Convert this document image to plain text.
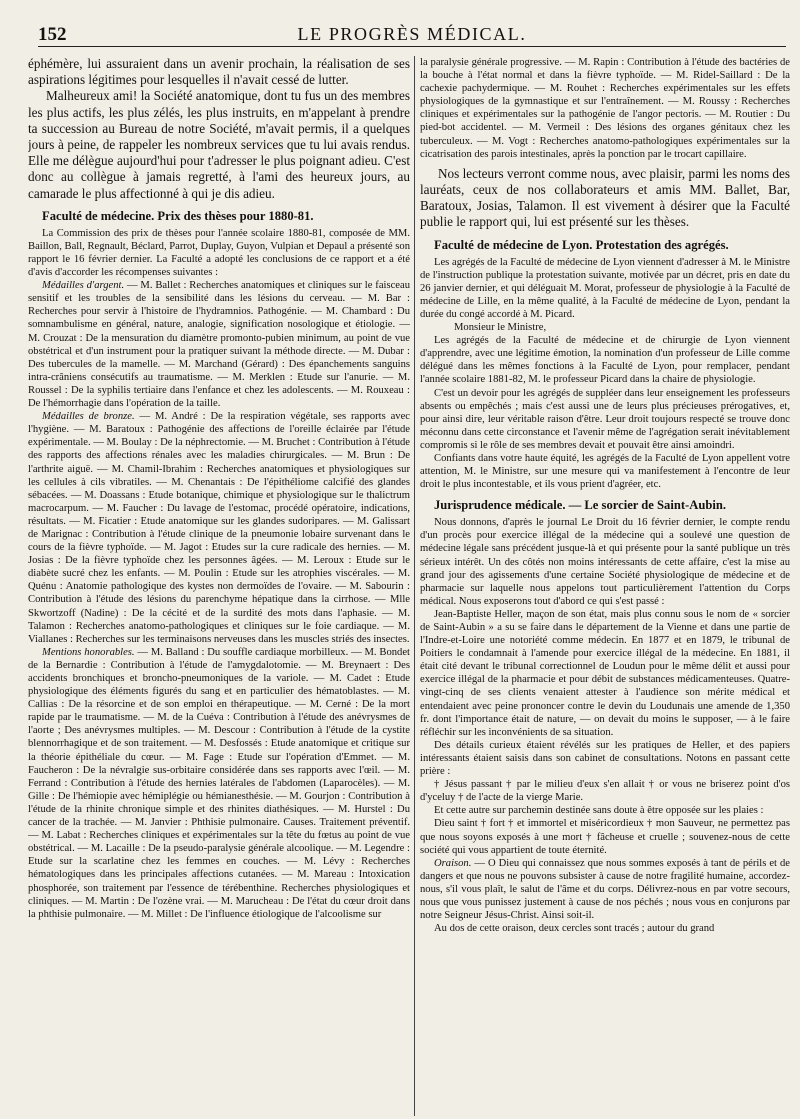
152	LE PROGRÈS MÉDICAL.

éphémère, lui assuraient dans un avenir prochain, la réalisation de ses aspirations légitimes pour lesquelles il n'avait cessé de lutter.

Malheureux ami! la Société anatomique, dont tu fus un des membres les plus actifs, les plus zélés, les plus instruits, en m'appelant à prendre ta succession au Bureau de notre Société, m'avait permis, il a quelques jours à peine, de rappeler les nombreux services que tu lui avais rendus. Elle me délègue aujourd'hui pour t'adresser le plus poignant adieu. C'est donc au collègue à jamais regretté, à l'ami des heureux jours, au camarade le plus affectionné à qui je dis adieu.

Faculté de médecine. Prix des thèses pour 1880-81.

La Commission des prix de thèses pour l'année scolaire 1880-81, composée de MM. Baillon, Ball, Regnault, Béclard, Parrot, Duplay, Guyon, Vulpian et Depaul a présenté son rapport le 16 février dernier. La Faculté a adopté les conclusions de ce rapport et a été d'avis d'accorder les récompenses suivantes :

Médailles d'argent. — M. Ballet : Recherches anatomiques et cliniques sur le faisceau sensitif et les troubles de la sensibilité dans les lésions du cerveau. — M. Bar : Recherches pour servir à l'histoire de l'hydramnios. Pathogénie. — M. Chambard : Du somnambulisme en général, nature, analogie, signification nosologique et étiologie. — M. Crouzat : De la mensuration du diamètre promonto-pubien minimum, au point de vue obstétrical et d'un instrument pour la pratiquer suivant la méthode directe. — M. Dubar : Des tubercules de la mamelle. — M. Marchand (Gérard) : Des épanchements sanguins intra-crâniens consécutifs au traumatisme. — M. Merklen : Etude sur l'anurie. — M. Roussel : De la syphilis tertiaire dans l'enfance et chez les adolescents. — M. Rouxeau : De l'hémorrhagie dans l'opération de la taille.

Médailles de bronze. — M. André : De la respiration végétale, ses rapports avec l'hygiène. — M. Baratoux : Pathogénie des affections de l'oreille éclairée par l'étude expérimentale. — M. Boulay : De la néphrectomie. — M. Bruchet : Contribution à l'étude des rapports des affections rénales avec les maladies chirurgicales. — M. Brun : De l'arthrite aiguë. — M. Chamil-Ibrahim : Recherches anatomiques et physiologiques sur les cellules à cils vibratiles. — M. Chenantais : De l'épithéliome calcifié des glandes sébacées. — M. Doassans : Etude botanique, chimique et physiologique sur le thalictrum macrocarpum. — M. Faucher : Du lavage de l'estomac, procédé opératoire, indications, résultats. — M. Ficatier : Etude anatomique sur les glandes sudoripares. — M. Galissart de Marignac : Contribution à l'étude clinique de la pneumonie lobaire survenant dans le cours de la fièvre typhoïde. — M. Jagot : Etudes sur la cure radicale des hernies. — M. Josias : De la fièvre typhoïde chez les personnes âgées. — M. Leroux : Etude sur le diabète sucré chez les enfants. — M. Poulin : Etude sur les atrophies viscérales. — M. Quénu : Anatomie pathologique des kystes non dermoïdes de l'ovaire. — M. Sabourin : Contribution à l'étude des lésions du parenchyme hépatique dans la cirrhose. — Mlle Skwortzoff (Nadine) : De la cécité et de la surdité des mots dans l'aphasie. — M. Talamon : Recherches anatomo-pathologiques et cliniques sur le foie cardiaque. — M. Viallanes : Recherches sur les terminaisons nerveuses dans les muscles striés des insectes.

Mentions honorables. — M. Balland : Du souffle cardiaque morbilleux. — M. Bondet de la Bernardie : Contribution à l'étude de l'amygdalotomie. — M. Breynaert : Des accidents bronchiques et broncho-pneumoniques de la variole. — M. Cadet : Etude physiologique des éléments figurés du sang et en particulier des hématoblastes. — M. Callias : De la résorcine et de son emploi en thérapeutique. — M. Cerné : De la mort rapide par le traumatisme. — M. de la Cuéva : Contribution à l'étude des anévrysmes de l'aorte ; Des anévrysmes multiples. — M. Descour : Contribution à l'étude de la cystite blennorrhagique et de son traitement. — M. Desfossés : Etude anatomique et critique sur la théorie épithéliale du cœur. — M. Fage : Etude sur l'opération d'Emmet. — M. Faucheron : De la névralgie sus-orbitaire considérée dans ses rapports avec l'œil. — M. Ferrand : Contribution à l'étude des hernies latérales de l'abdomen (Laparocèles). — M. Gille : De l'hémiopie avec hémiplégie ou hémianesthésie. — M. Gourjon : Contribution à l'étude de la rhinite chronique simple et des rhinites diathésiques. — M. Hurstel : Du cancer de la trachée. — M. Janvier : Phthisie pulmonaire. Causes. Traitement préventif. — M. Labat : Recherches cliniques et expérimentales sur la tête du fœtus au point de vue obstétrical. — M. Lacaille : De la pseudo-paralysie générale alcoolique. — M. Legendre : Etude sur la scarlatine chez les femmes en couches. — M. Lévy : Recherches hématologiques dans les principales affections cutanées. — M. Mareau : Intoxication phosphorée, son traitement par l'essence de térébenthine. Recherches physiologiques et cliniques. — M. Martin : De l'ozène vrai. — M. Marucheau : De l'état du cœur droit dans la phthisie pulmonaire. — M. Millet : De l'influence étiologique de l'alcoolisme sur

la paralysie générale progressive. — M. Rapin : Contribution à l'étude des bactéries de la bouche à l'état normal et dans la fièvre typhoïde. — M. Ridel-Saillard : De la cachexie pachydermique. — M. Rouhet : Recherches expérimentales sur les effets physiologiques de la gymnastique et sur l'entraînement. — M. Roussy : Recherches cliniques et expérimentales sur la pathogénie de l'angor pectoris. — M. Routier : Du pied-bot accidentel. — M. Vermeil : Des lésions des organes génitaux chez les tuberculeux. — M. Vogt : Recherches anatomo-pathologiques expérimentales sur la cicatrisation des parois intestinales, après la ponction par le trocart capillaire.

Nos lecteurs verront comme nous, avec plaisir, parmi les noms des lauréats, ceux de nos collaborateurs et amis MM. Ballet, Bar, Baratoux, Josias, Talamon. Il est vivement à désirer que la Faculté publie le rapport qui, lui est présenté sur les thèses.

Faculté de médecine de Lyon. Protestation des agrégés.

Les agrégés de la Faculté de médecine de Lyon viennent d'adresser à M. le Ministre de l'instruction publique la protestation suivante, motivée par un décret, pris en date du 26 janvier dernier, et qui déléguait M. Morat, professeur de physiologie à la Faculté de médecine de Lille, en la même qualité, à la Faculté de médecine de Lyon, pendant la durée du congé accordé à M. Picard.

Monsieur le Ministre,

Les agrégés de la Faculté de médecine et de chirurgie de Lyon viennent d'apprendre, avec une légitime émotion, la nomination d'un professeur de Lille comme délégué dans les mêmes fonctions à la Faculté de Lyon, pour remplacer, pendant l'année scolaire 1881-82, M. le professeur Picard dans la chaire de physiologie.

C'est un devoir pour les agrégés de suppléer dans leur enseignement les professeurs absents ou empêchés ; mais c'est aussi une de leurs plus précieuses prérogatives, et, pour ainsi dire, leur véritable raison d'être. Leur droit toujours respecté se trouve donc méconnu dans cette circonstance et l'avenir même de l'agrégation serait inévitablement compromis si le rôle de ses membres devait et pouvait être ainsi amoindri.

Confiants dans votre haute équité, les agrégés de la Faculté de Lyon appellent votre attention, M. le Ministre, sur une mesure qui va manifestement à l'encontre de leur droit le plus incontestable, et ils vous prient d'agréer, etc.

Jurisprudence médicale. — Le sorcier de Saint-Aubin.

Nous donnons, d'après le journal Le Droit du 16 février dernier, le compte rendu d'un procès pour exercice illégal de la médecine qui a soulevé une question de médecine légale sans précédent jusque-là et qui présente pour la santé publique un très sérieux intérêt. Un des côtés non moins intéressants de cette affaire, c'est la mise au grand jour des agissements d'une certaine Société physiologique de médecine et de pharmacie sur laquelle nous appelons tout particulièrement l'attention du Corps médical. Nous exposerons tout d'abord ce qui s'est passé :

Jean-Baptiste Heller, maçon de son état, mais plus connu sous le nom de « sorcier de Saint-Aubin » a su se faire dans le département de la Vienne et dans une partie de l'Indre-et-Loire une notoriété comme médecin. En 1877 et en 1879, le tribunal de Poitiers le condamnait à l'amende pour exercice illégal de la médecine. En 1881, il était cité devant le tribunal correctionnel de Loudun pour le même délit et aussi pour exercice illégal de la pharmacie et pour débit de substances médicamenteuses. Quatre-vingt-cinq de ses clients venaient attester à l'audience son mérite médical et entendaient avec peine prononcer contre le devin du Loudunais une amende de 1,350 fr. dont l'importance était de nature, — on devait du moins le supposer, — à le faire réfléchir sur les inconvénients de sa situation.

Des détails curieux étaient révélés sur les pratiques de Heller, et des papiers intéressants étaient saisis dans son cabinet de consultations. Notons en passant cette prière :

† Jésus passant † par le milieu d'eux s'en allait † or vous ne briserez point d'os d'yceluy † de l'acte de la vierge Marie.

Et cette autre sur parchemin destinée sans doute à être opposée sur les plaies :

Dieu saint † fort † et immortel et miséricordieux † mon Sauveur, ne permettez pas que nous soyons exposés à une mort † fâcheuse et cruelle ; souvenez-nous de cette société qui vous appartient de toute éternité.

Oraison. — O Dieu qui connaissez que nous sommes exposés à tant de périls et de dangers et que nous ne pouvons subsister à cause de notre fragilité humaine, accordez-nous, s'il vous plaît, le salut de l'âme et du corps. Délivrez-nous en par votre secours, nous que vous punissez justement à cause de nos péchés ; nous vous en conjurons par notre Seigneur Jésus-Christ. Ainsi soit-il.

Au dos de cette oraison, deux cercles sont tracés ; autour du grand
